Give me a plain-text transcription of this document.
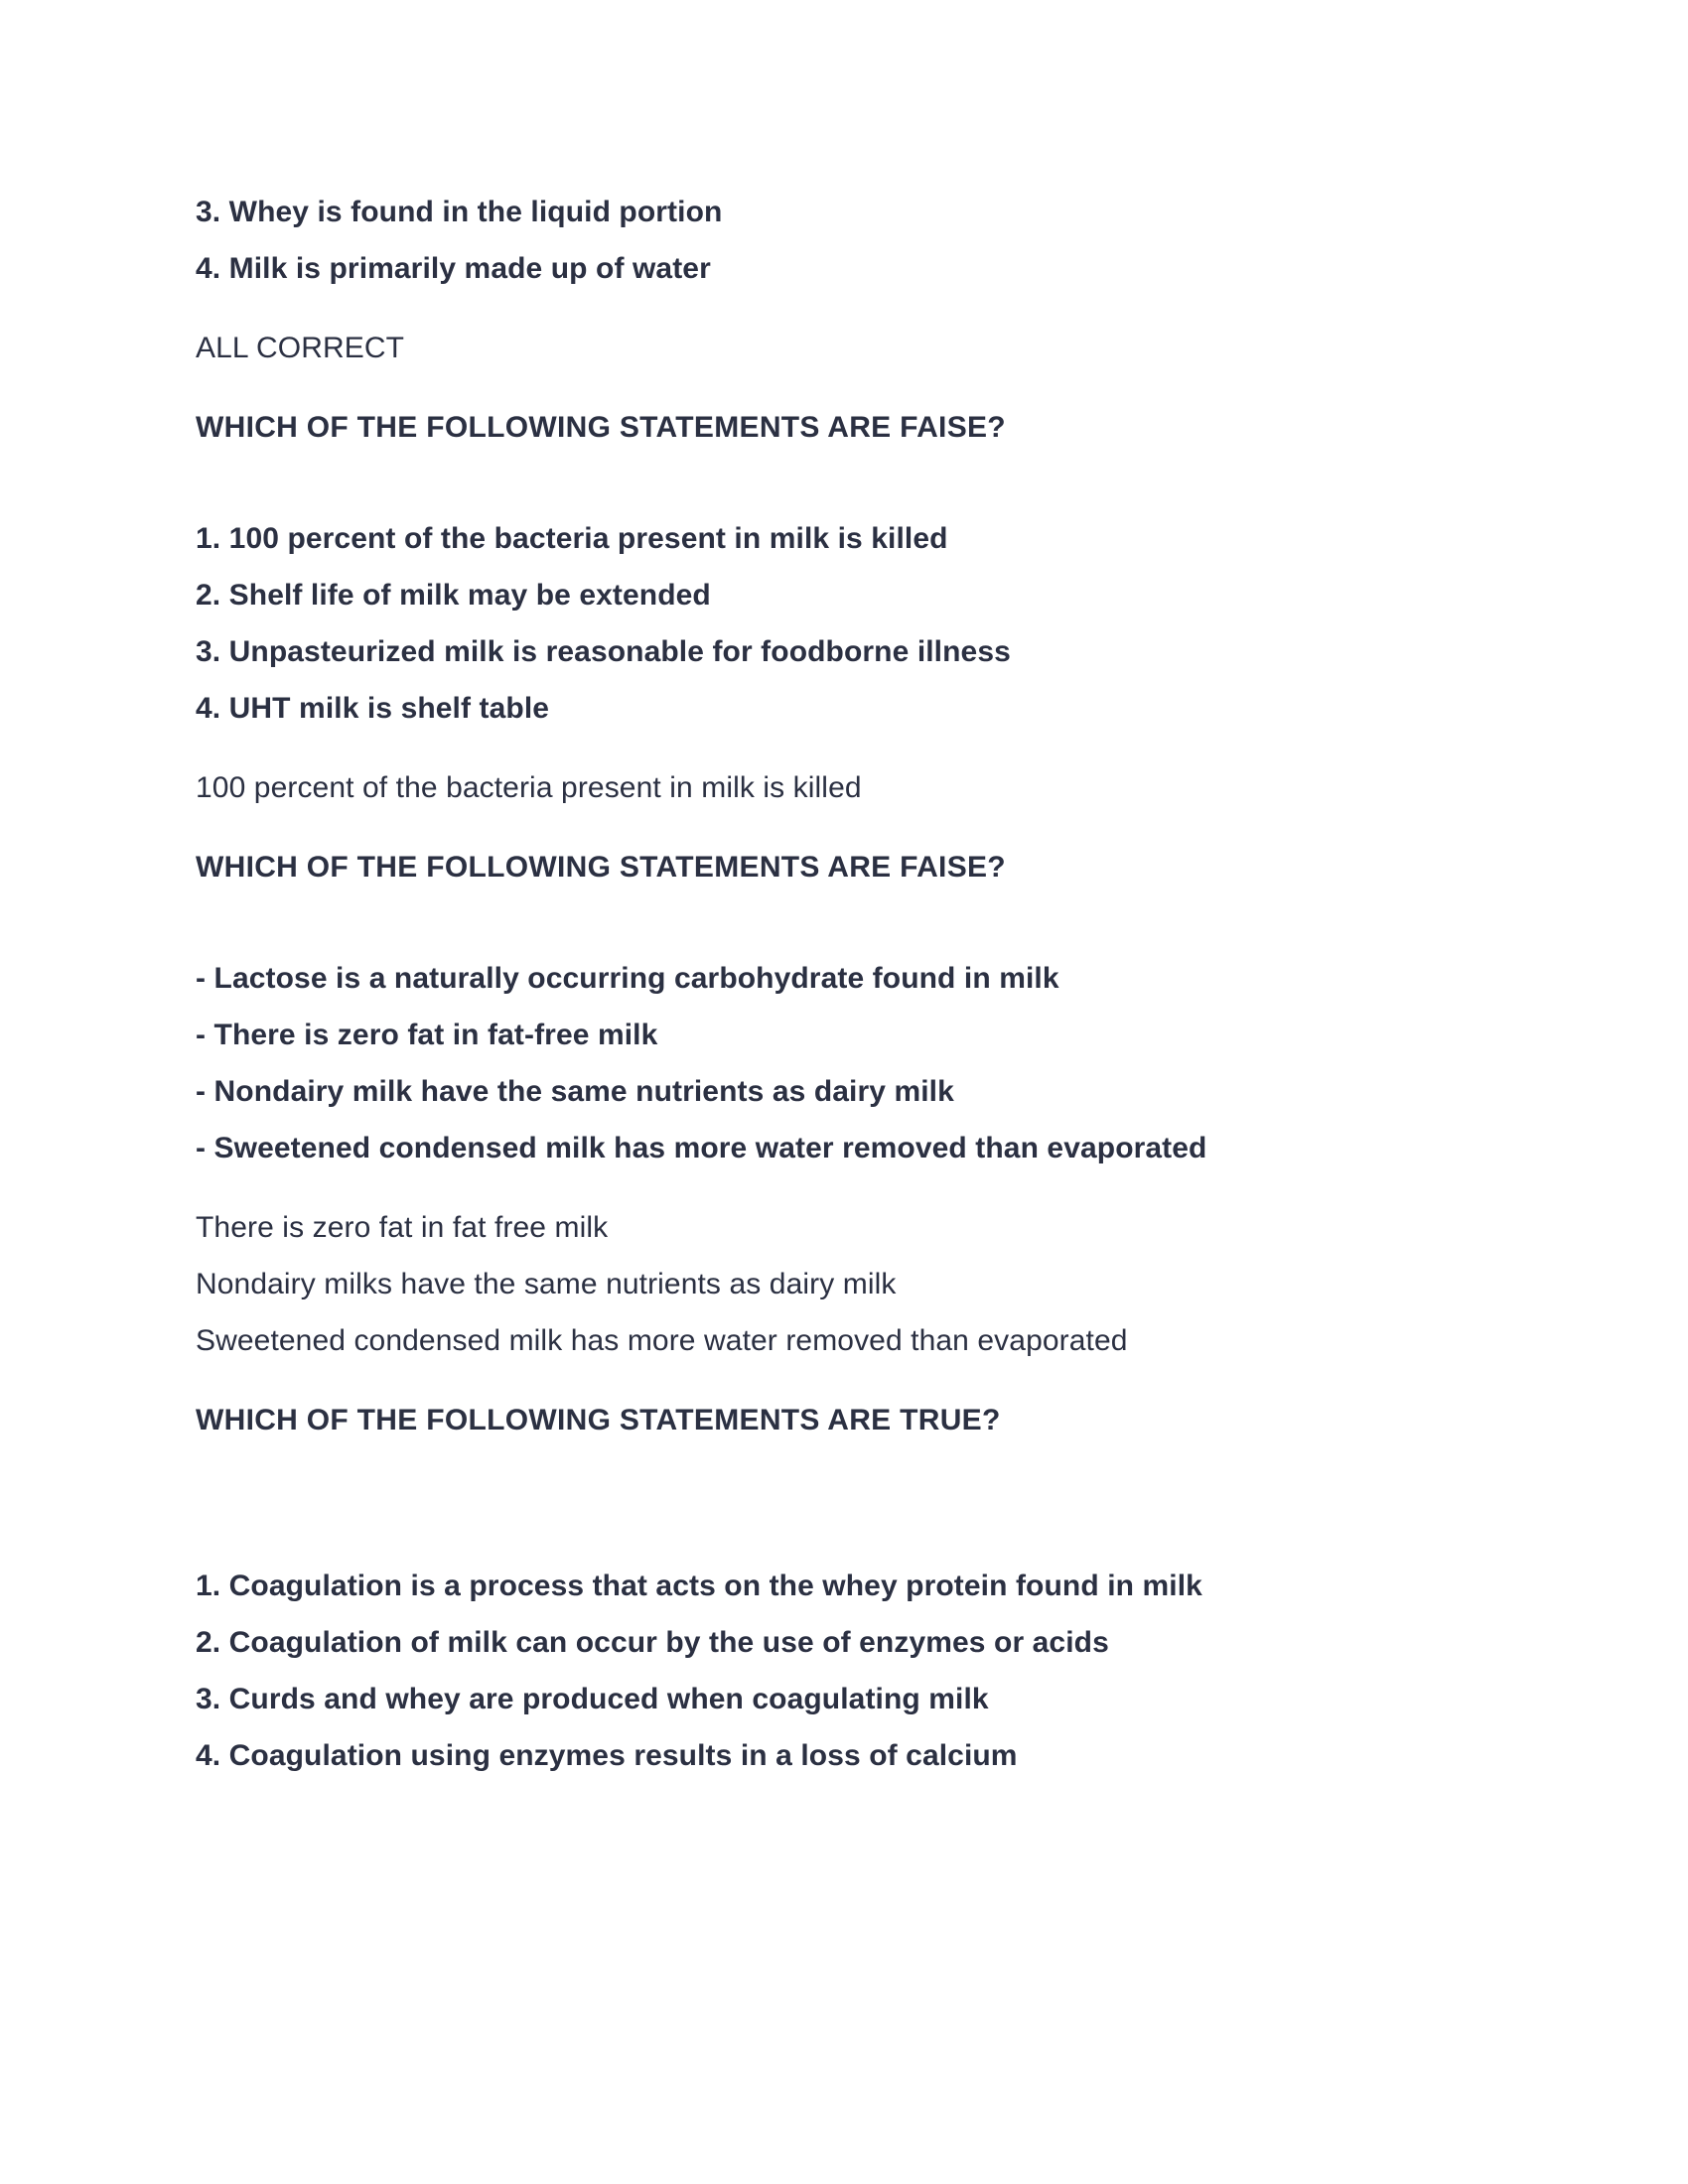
3. Whey is found in the liquid portion

4. Milk is primarily made up of water

ALL CORRECT

WHICH OF THE FOLLOWING STATEMENTS ARE FAISE?

1. 100 percent of the bacteria present in milk is killed

2. Shelf life of milk may be extended

3. Unpasteurized milk is reasonable for foodborne illness

4. UHT milk is shelf table

100 percent of the bacteria present in milk is killed

WHICH OF THE FOLLOWING STATEMENTS ARE FAISE?

- Lactose is a naturally occurring carbohydrate found in milk

- There is zero fat in fat-free milk

- Nondairy milk have the same nutrients as dairy milk

- Sweetened condensed milk has more water removed than evaporated

There is zero fat in fat free milk

Nondairy milks have the same nutrients as dairy milk

Sweetened condensed milk has more water removed than evaporated

WHICH OF THE FOLLOWING STATEMENTS ARE TRUE?

1. Coagulation is a process that acts on the whey protein found in milk

2. Coagulation of milk can occur by the use of enzymes or acids

3. Curds and whey are produced when coagulating milk

4. Coagulation using enzymes results in a loss of calcium
